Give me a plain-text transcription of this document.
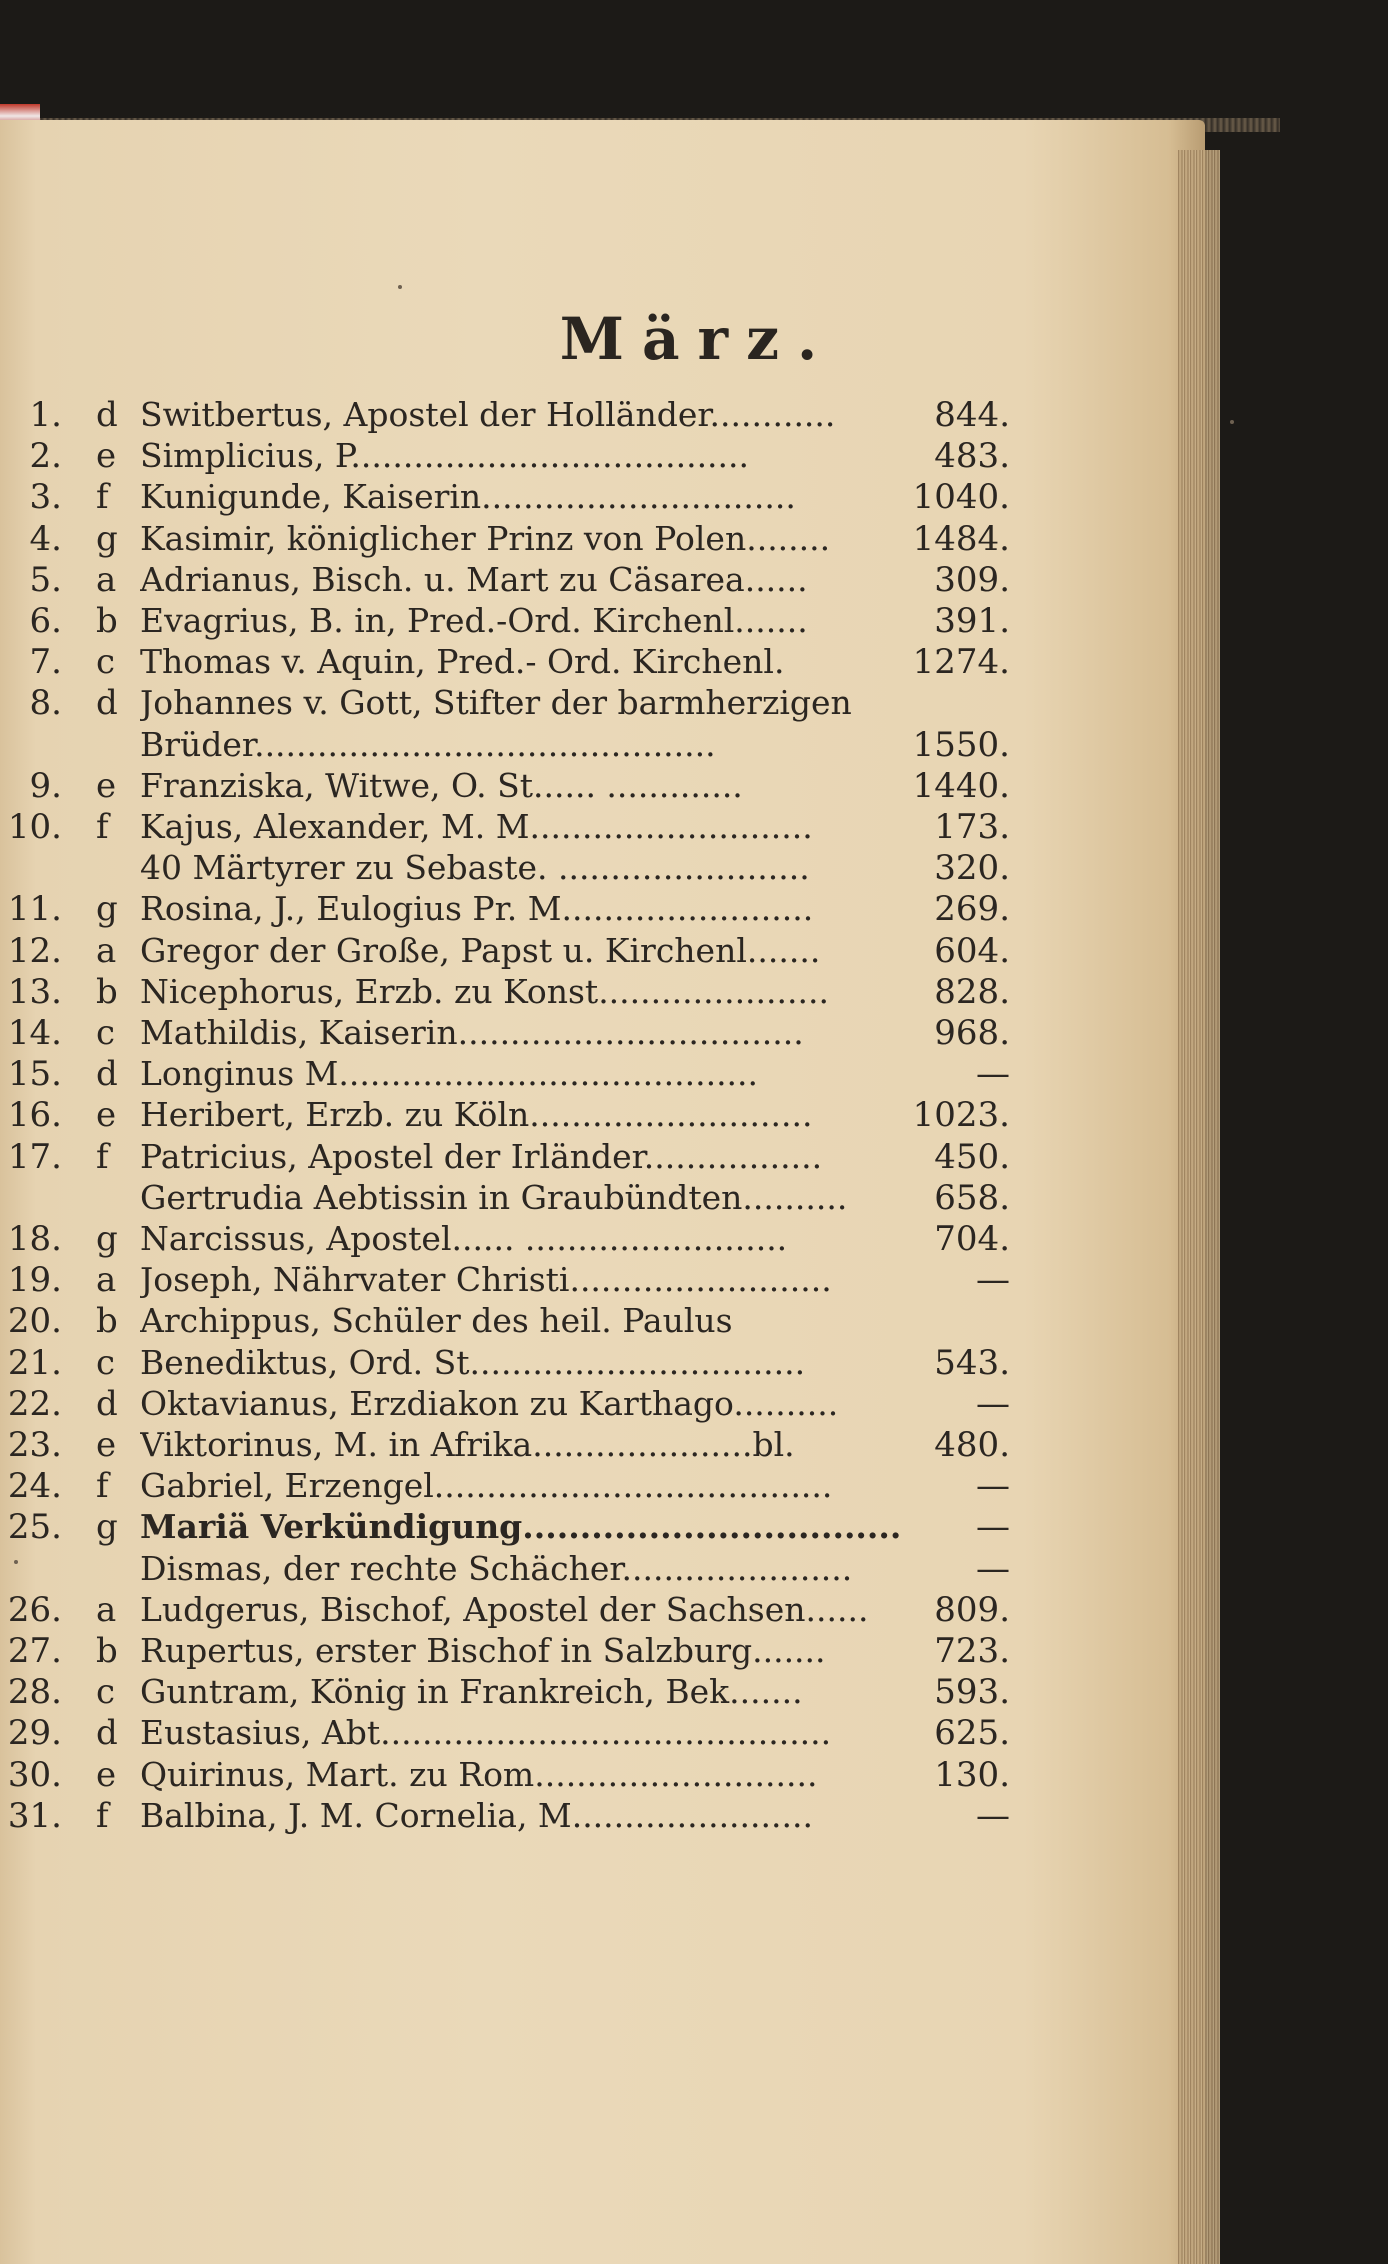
März.
1. d Switbertus, Apostel der Holländer............	844.
2. e Simplicius, P......................................	483.
3. f Kunigunde, Kaiserin..............................	1040.
4. g Kasimir, königlicher Prinz von Polen........	1484.
5. a Adrianus, Bisch. u. Mart zu Cäsarea......	309.
6. b Evagrius, B. in, Pred.-Ord. Kirchenl.......	391.
7. c Thomas v. Aquin, Pred.- Ord. Kirchenl.	1274.
8. d Johannes v. Gott, Stifter der barmherzigen
Brüder............................................	1550.
9. e Franziska, Witwe, O. St...... .............	1440.
10. f Kajus, Alexander, M. M...........................	173.
40 Märtyrer zu Sebaste. ........................	320.
11. g Rosina, J., Eulogius Pr. M........................	269.
12. a Gregor der Große, Papst u. Kirchenl.......	604.
13. b Nicephorus, Erzb. zu Konst......................	828.
14. c Mathildis, Kaiserin.................................	968.
15. d Longinus M........................................	—
16. e Heribert, Erzb. zu Köln...........................	1023.
17. f Patricius, Apostel der Irländer.................	450.
Gertrudia Aebtissin in Graubündten..........	658.
18. g Narcissus, Apostel...... .........................	704.
19. a Joseph, Nährvater Christi.........................	—
20. b Archippus, Schüler des heil. Paulus
21. c Benediktus, Ord. St................................	543.
22. d Oktavianus, Erzdiakon zu Karthago..........	—
23. e Viktorinus, M. in Afrika.....................bl.	480.
24. f Gabriel, Erzengel......................................	—
25. g Mariä Verkündigung.................................	—
Dismas, der rechte Schächer......................	—
26. a Ludgerus, Bischof, Apostel der Sachsen......	809.
27. b Rupertus, erster Bischof in Salzburg.......	723.
28. c Guntram, König in Frankreich, Bek.......	593.
29. d Eustasius, Abt...........................................	625.
30. e Quirinus, Mart. zu Rom...........................	130.
31. f Balbina, J. M. Cornelia, M.......................	—
